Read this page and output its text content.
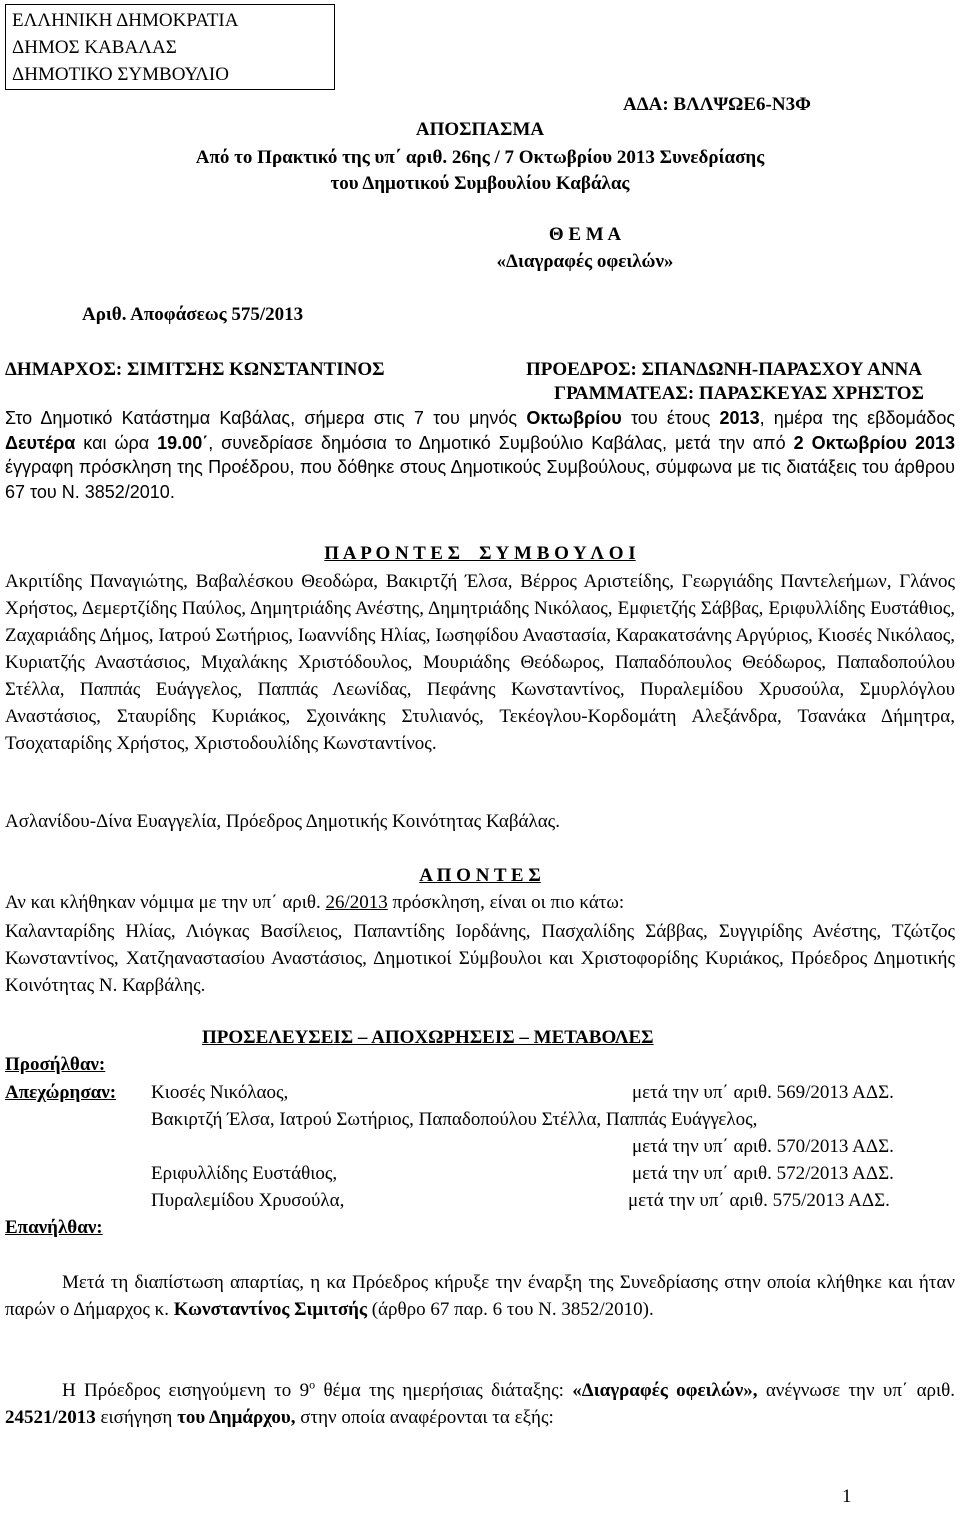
ΕΛΛΗΝΙΚΗ ΔΗΜΟΚΡΑΤΙΑ
ΔΗΜΟΣ ΚΑΒΑΛΑΣ
ΔΗΜΟΤΙΚΟ ΣΥΜΒΟΥΛΙΟ
ΑΔΑ: ΒΛΛΨΩΕ6-Ν3Φ
ΑΠΟΣΠΑΣΜΑ
Από το Πρακτικό της υπ΄ αριθ. 26ης / 7 Οκτωβρίου 2013 Συνεδρίασης
του Δημοτικού Συμβουλίου Καβάλας
Θ Ε Μ Α
«Διαγραφές οφειλών»
Αριθ. Αποφάσεως 575/2013
ΔΗΜΑΡΧΟΣ: ΣΙΜΙΤΣΗΣ ΚΩΝΣΤΑΝΤΙΝΟΣ	ΠΡΟΕΔΡΟΣ: ΣΠΑΝΔΩΝΗ-ΠΑΡΑΣΧΟΥ ΑΝΝΑ
ΓΡΑΜΜΑΤΕΑΣ: ΠΑΡΑΣΚΕΥΑΣ ΧΡΗΣΤΟΣ
Στο Δημοτικό Κατάστημα Καβάλας, σήμερα στις 7 του μηνός Οκτωβρίου του έτους 2013, ημέρα της εβδομάδος Δευτέρα και ώρα 19.00΄, συνεδρίασε δημόσια το Δημοτικό Συμβούλιο Καβάλας, μετά την από 2 Οκτωβρίου 2013 έγγραφη πρόσκληση της Προέδρου, που δόθηκε στους Δημοτικούς Συμβούλους, σύμφωνα με τις διατάξεις του άρθρου 67 του Ν. 3852/2010.
Π Α Ρ Ο Ν Τ Ε Σ    Σ Υ Μ Β Ο Υ Λ Ο Ι
Ακριτίδης Παναγιώτης, Βαβαλέσκου Θεοδώρα, Βακιρτζή Έλσα, Βέρρος Αριστείδης, Γεωργιάδης Παντελεήμων, Γλάνος Χρήστος, Δεμερτζίδης Παύλος, Δημητριάδης Ανέστης, Δημητριάδης Νικόλαος, Εμφιετζής Σάββας, Εριφυλλίδης Ευστάθιος, Ζαχαριάδης Δήμος, Ιατρού Σωτήριος, Ιωαννίδης Ηλίας, Ιωσηφίδου Αναστασία, Καρακατσάνης Αργύριος, Κιοσές Νικόλαος, Κυριατζής Αναστάσιος, Μιχαλάκης Χριστόδουλος, Μουριάδης Θεόδωρος, Παπαδόπουλος Θεόδωρος, Παπαδοπούλου Στέλλα, Παππάς Ευάγγελος, Παππάς Λεωνίδας, Πεφάνης Κωνσταντίνος, Πυραλεμίδου Χρυσούλα, Σμυρλόγλου Αναστάσιος, Σταυρίδης Κυριάκος, Σχοινάκης Στυλιανός, Τεκέογλου-Κορδομάτη Αλεξάνδρα, Τσανάκα Δήμητρα, Τσοχαταρίδης Χρήστος, Χριστοδουλίδης Κωνσταντίνος.
Ασλανίδου-Δίνα Ευαγγελία, Πρόεδρος Δημοτικής Κοινότητας Καβάλας.
Α Π Ο Ν Τ Ε Σ
Αν και κλήθηκαν νόμιμα με την υπ΄ αριθ. 26/2013 πρόσκληση, είναι οι πιο κάτω:
Καλανταρίδης Ηλίας, Λιόγκας Βασίλειος, Παπαντίδης Ιορδάνης, Πασχαλίδης Σάββας, Συγγιρίδης Ανέστης, Τζώτζος Κωνσταντίνος, Χατζηαναστασίου Αναστάσιος, Δημοτικοί Σύμβουλοι και Χριστοφορίδης Κυριάκος, Πρόεδρος Δημοτικής Κοινότητας Ν. Καρβάλης.
ΠΡΟΣΕΛΕΥΣΕΙΣ – ΑΠΟΧΩΡΗΣΕΙΣ – ΜΕΤΑΒΟΛΕΣ
Προσήλθαν:
Απεχώρησαν: Κιοσές Νικόλαος,	μετά την υπ΄ αριθ. 569/2013 ΑΔΣ.
Βακιρτζή Έλσα, Ιατρού Σωτήριος, Παπαδοπούλου Στέλλα, Παππάς Ευάγγελος,
μετά την υπ΄ αριθ. 570/2013 ΑΔΣ.
Εριφυλλίδης Ευστάθιος,	μετά την υπ΄ αριθ. 572/2013 ΑΔΣ.
Πυραλεμίδου Χρυσούλα,	μετά την υπ΄ αριθ. 575/2013 ΑΔΣ.
Επανήλθαν:
Μετά τη διαπίστωση απαρτίας, η κα Πρόεδρος κήρυξε την έναρξη της Συνεδρίασης στην οποία κλήθηκε και ήταν παρών ο Δήμαρχος κ. Κωνσταντίνος Σιμιτσής (άρθρο 67 παρ. 6 του Ν. 3852/2010).
Η Πρόεδρος εισηγούμενη το $9^o$ θέμα της ημερήσιας διάταξης: «Διαγραφές οφειλών», ανέγνωσε την υπ΄ αριθ. 24521/2013 εισήγηση του Δημάρχου, στην οποία αναφέρονται τα εξής:
1
